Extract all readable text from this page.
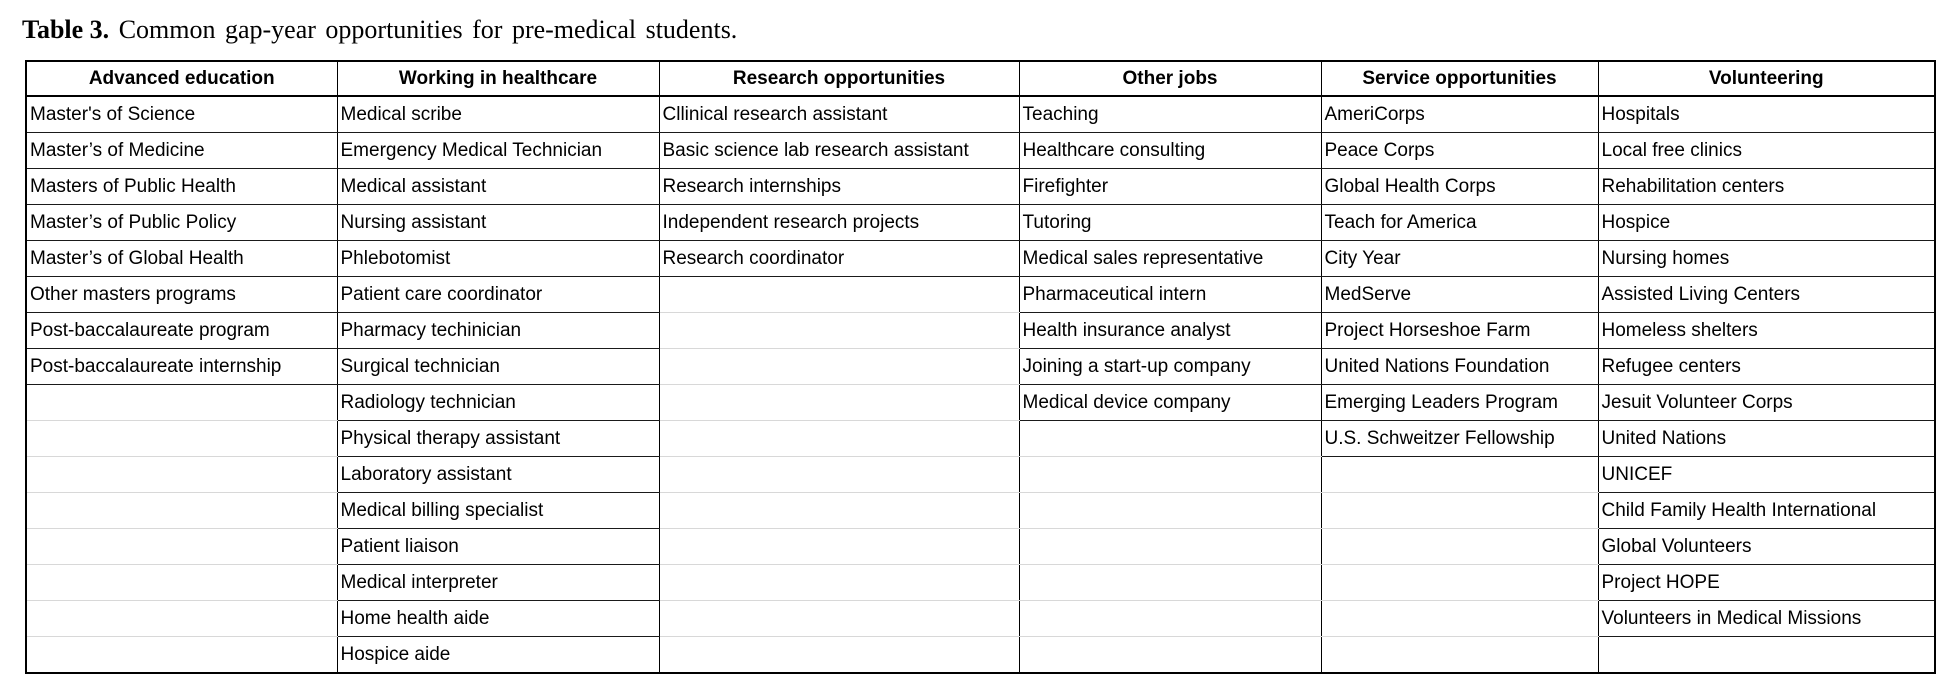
Table 3. Common gap-year opportunities for pre-medical students.
Advanced education	Working in healthcare	Research opportunities	Other jobs	Service opportunities	Volunteering
Master's of Science	Medical scribe	Cllinical research assistant	Teaching	AmeriCorps	Hospitals
Master’s of Medicine	Emergency Medical Technician	Basic science lab research assistant	Healthcare consulting	Peace Corps	Local free clinics
Masters of Public Health	Medical assistant	Research internships	Firefighter	Global Health Corps	Rehabilitation centers
Master’s of Public Policy	Nursing assistant	Independent research projects	Tutoring	Teach for America	Hospice
Master’s of Global Health	Phlebotomist	Research coordinator	Medical sales representative	City Year	Nursing homes
Other masters programs	Patient care coordinator		Pharmaceutical intern	MedServe	Assisted Living Centers
Post-baccalaureate program	Pharmacy techinician		Health insurance analyst	Project Horseshoe Farm	Homeless shelters
Post-baccalaureate internship	Surgical technician		Joining a start-up company	United Nations Foundation	Refugee centers
	Radiology technician		Medical device company	Emerging Leaders Program	Jesuit Volunteer Corps
	Physical therapy assistant			U.S. Schweitzer Fellowship	United Nations
	Laboratory assistant				UNICEF
	Medical billing specialist				Child Family Health International
	Patient liaison				Global Volunteers
	Medical interpreter				Project HOPE
	Home health aide				Volunteers in Medical Missions
	Hospice aide				
